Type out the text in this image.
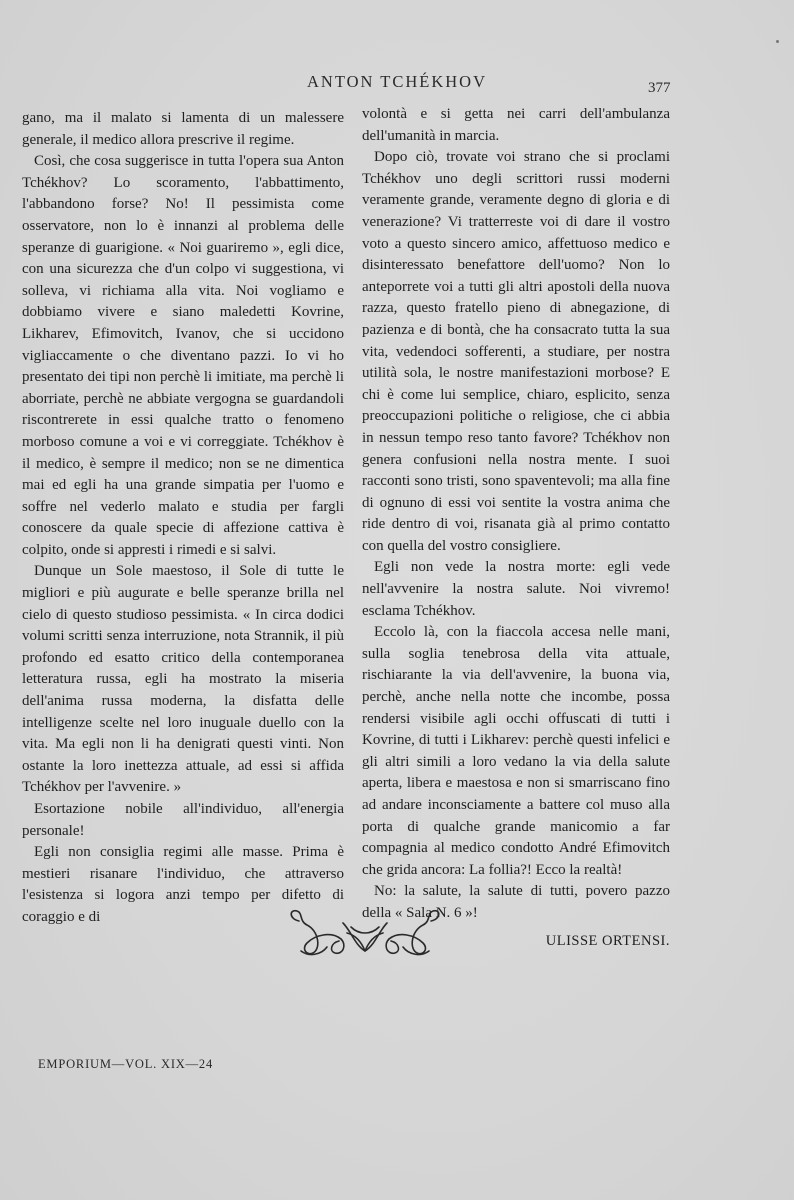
ANTON TCHÉKHOV	377

gano, ma il malato si lamenta di un malessere generale, il medico allora prescrive il regime.

Così, che cosa suggerisce in tutta l'opera sua Anton Tchékhov? Lo scoramento, l'abbattimento, l'abbandono forse? No! Il pessimista come osservatore, non lo è innanzi al problema delle speranze di guarigione. « Noi guariremo », egli dice, con una sicurezza che d'un colpo vi suggestiona, vi solleva, vi richiama alla vita. Noi vogliamo e dobbiamo vivere e siano maledetti Kovrine, Likharev, Efimovitch, Ivanov, che si uccidono vigliaccamente o che diventano pazzi. Io vi ho presentato dei tipi non perchè li imitiate, ma perchè li aborriate, perchè ne abbiate vergogna se guardandoli riscontrerete in essi qualche tratto o fenomeno morboso comune a voi e vi correggiate. Tchékhov è il medico, è sempre il medico; non se ne dimentica mai ed egli ha una grande simpatia per l'uomo e soffre nel vederlo malato e studia per fargli conoscere da quale specie di affezione cattiva è colpito, onde si appresti i rimedi e si salvi.

Dunque un Sole maestoso, il Sole di tutte le migliori e più augurate e belle speranze brilla nel cielo di questo studioso pessimista. « In circa dodici volumi scritti senza interruzione, nota Strannik, il più profondo ed esatto critico della contemporanea letteratura russa, egli ha mostrato la miseria dell'anima russa moderna, la disfatta delle intelligenze scelte nel loro inuguale duello con la vita. Ma egli non li ha denigrati questi vinti. Non ostante la loro inettezza attuale, ad essi si affida Tchékhov per l'avvenire. »

Esortazione nobile all'individuo, all'energia personale!

Egli non consiglia regimi alle masse. Prima è mestieri risanare l'individuo, che attraverso l'esistenza si logora anzi tempo per difetto di coraggio e di

volontà e si getta nei carri dell'ambulanza dell'umanità in marcia.

Dopo ciò, trovate voi strano che si proclami Tchékhov uno degli scrittori russi moderni veramente grande, veramente degno di gloria e di venerazione? Vi tratterreste voi di dare il vostro voto a questo sincero amico, affettuoso medico e disinteressato benefattore dell'uomo? Non lo anteporrete voi a tutti gli altri apostoli della nuova razza, questo fratello pieno di abnegazione, di pazienza e di bontà, che ha consacrato tutta la sua vita, vedendoci sofferenti, a studiare, per nostra utilità sola, le nostre manifestazioni morbose? E chi è come lui semplice, chiaro, esplicito, senza preoccupazioni politiche o religiose, che ci abbia in nessun tempo reso tanto favore? Tchékhov non genera confusioni nella nostra mente. I suoi racconti sono tristi, sono spaventevoli; ma alla fine di ognuno di essi voi sentite la vostra anima che ride dentro di voi, risanata già al primo contatto con quella del vostro consigliere.

Egli non vede la nostra morte: egli vede nell'avvenire la nostra salute. Noi vivremo! esclama Tchékhov.

Eccolo là, con la fiaccola accesa nelle mani, sulla soglia tenebrosa della vita attuale, rischiarante la via dell'avvenire, la buona via, perchè, anche nella notte che incombe, possa rendersi visibile agli occhi offuscati di tutti i Kovrine, di tutti i Likharev: perchè questi infelici e gli altri simili a loro vedano la via della salute aperta, libera e maestosa e non si smarriscano fino ad andare inconsciamente a battere col muso alla porta di qualche grande manicomio a far compagnia al medico condotto André Efimovitch che grida ancora: La follia?! Ecco la realtà!

No: la salute, la salute di tutti, povero pazzo della « Sala N. 6 »!

ULISSE ORTENSI.
EMPORIUM—VOL. XIX—24
